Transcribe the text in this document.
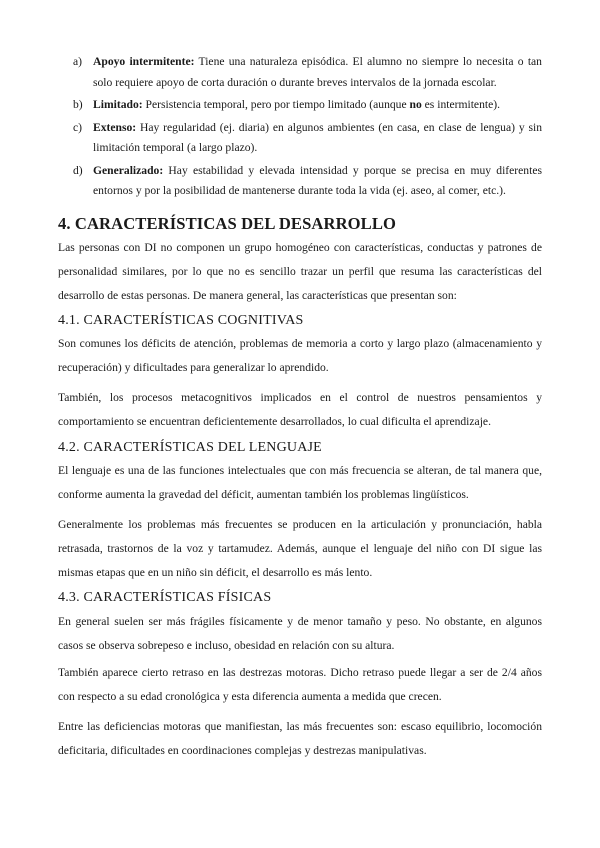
a) Apoyo intermitente: Tiene una naturaleza episódica. El alumno no siempre lo necesita o tan solo requiere apoyo de corta duración o durante breves intervalos de la jornada escolar.
b) Limitado: Persistencia temporal, pero por tiempo limitado (aunque no es intermitente).
c) Extenso: Hay regularidad (ej. diaria) en algunos ambientes (en casa, en clase de lengua) y sin limitación temporal (a largo plazo).
d) Generalizado: Hay estabilidad y elevada intensidad y porque se precisa en muy diferentes entornos y por la posibilidad de mantenerse durante toda la vida (ej. aseo, al comer, etc.).
4. CARACTERÍSTICAS DEL DESARROLLO
Las personas con DI no componen un grupo homogéneo con características, conductas y patrones de personalidad similares, por lo que no es sencillo trazar un perfil que resuma las características del desarrollo de estas personas. De manera general, las características que presentan son:
4.1. CARACTERÍSTICAS COGNITIVAS
Son comunes los déficits de atención, problemas de memoria a corto y largo plazo (almacenamiento y recuperación) y dificultades para generalizar lo aprendido.
También, los procesos metacognitivos implicados en el control de nuestros pensamientos y comportamiento se encuentran deficientemente desarrollados, lo cual dificulta el aprendizaje.
4.2. CARACTERÍSTICAS DEL LENGUAJE
El lenguaje es una de las funciones intelectuales que con más frecuencia se alteran, de tal manera que, conforme aumenta la gravedad del déficit, aumentan también los problemas lingüísticos.
Generalmente los problemas más frecuentes se producen en la articulación y pronunciación, habla retrasada, trastornos de la voz y tartamudez. Además, aunque el lenguaje del niño con DI sigue las mismas etapas que en un niño sin déficit, el desarrollo es más lento.
4.3. CARACTERÍSTICAS FÍSICAS
En general suelen ser más frágiles físicamente y de menor tamaño y peso. No obstante, en algunos casos se observa sobrepeso e incluso, obesidad en relación con su altura.
También aparece cierto retraso en las destrezas motoras. Dicho retraso puede llegar a ser de 2/4 años con respecto a su edad cronológica y esta diferencia aumenta a medida que crecen.
Entre las deficiencias motoras que manifiestan, las más frecuentes son: escaso equilibrio, locomoción deficitaria, dificultades en coordinaciones complejas y destrezas manipulativas.
